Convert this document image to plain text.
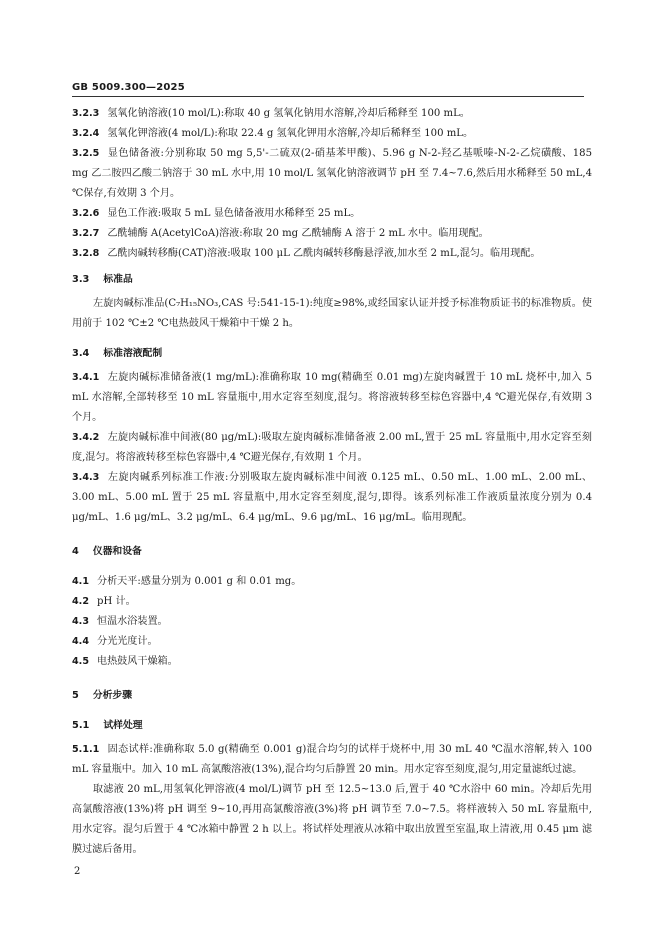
GB 5009.300—2025
3.2.3 氢氧化钠溶液(10 mol/L):称取 40 g 氢氧化钠用水溶解,冷却后稀释至 100 mL。
3.2.4 氢氧化钾溶液(4 mol/L):称取 22.4 g 氢氧化钾用水溶解,冷却后稀释至 100 mL。
3.2.5 显色储备液:分别称取 50 mg 5,5'-二硫双(2-硝基苯甲酸)、5.96 g N-2-羟乙基哌嗪-N-2-乙烷磺酸、185 mg 乙二胺四乙酸二钠溶于 30 mL 水中,用 10 mol/L 氢氧化钠溶液调节 pH 至 7.4~7.6,然后用水稀释至 50 mL,4 ℃保存,有效期 3 个月。
3.2.6 显色工作液:吸取 5 mL 显色储备液用水稀释至 25 mL。
3.2.7 乙酰辅酶 A(AcetylCoA)溶液:称取 20 mg 乙酰辅酶 A 溶于 2 mL 水中。临用现配。
3.2.8 乙酰肉碱转移酶(CAT)溶液:吸取 100 μL 乙酰肉碱转移酶悬浮液,加水至 2 mL,混匀。临用现配。
3.3 标准品
左旋肉碱标准品(C₇H₁₅NO₃,CAS 号:541-15-1):纯度≥98%,或经国家认证并授予标准物质证书的标准物质。使用前于 102 ℃±2 ℃电热鼓风干燥箱中干燥 2 h。
3.4 标准溶液配制
3.4.1 左旋肉碱标准储备液(1 mg/mL):准确称取 10 mg(精确至 0.01 mg)左旋肉碱置于 10 mL 烧杯中,加入 5 mL 水溶解,全部转移至 10 mL 容量瓶中,用水定容至刻度,混匀。将溶液转移至棕色容器中,4 ℃避光保存,有效期 3 个月。
3.4.2 左旋肉碱标准中间液(80 μg/mL):吸取左旋肉碱标准储备液 2.00 mL,置于 25 mL 容量瓶中,用水定容至刻度,混匀。将溶液转移至棕色容器中,4 ℃避光保存,有效期 1 个月。
3.4.3 左旋肉碱系列标准工作液:分别吸取左旋肉碱标准中间液 0.125 mL、0.50 mL、1.00 mL、2.00 mL、3.00 mL、5.00 mL 置于 25 mL 容量瓶中,用水定容至刻度,混匀,即得。该系列标准工作液质量浓度分别为 0.4 μg/mL、1.6 μg/mL、3.2 μg/mL、6.4 μg/mL、9.6 μg/mL、16 μg/mL。临用现配。
4 仪器和设备
4.1 分析天平:感量分别为 0.001 g 和 0.01 mg。
4.2 pH 计。
4.3 恒温水浴装置。
4.4 分光光度计。
4.5 电热鼓风干燥箱。
5 分析步骤
5.1 试样处理
5.1.1 固态试样:准确称取 5.0 g(精确至 0.001 g)混合均匀的试样于烧杯中,用 30 mL 40 ℃温水溶解,转入 100 mL 容量瓶中。加入 10 mL 高氯酸溶液(13%),混合均匀后静置 20 min。用水定容至刻度,混匀,用定量滤纸过滤。
取滤液 20 mL,用氢氧化钾溶液(4 mol/L)调节 pH 至 12.5~13.0 后,置于 40 ℃水浴中 60 min。冷却后先用高氯酸溶液(13%)将 pH 调至 9~10,再用高氯酸溶液(3%)将 pH 调节至 7.0~7.5。将样液转入 50 mL 容量瓶中,用水定容。混匀后置于 4 ℃冰箱中静置 2 h 以上。将试样处理液从冰箱中取出放置至室温,取上清液,用 0.45 μm 滤膜过滤后备用。
2
